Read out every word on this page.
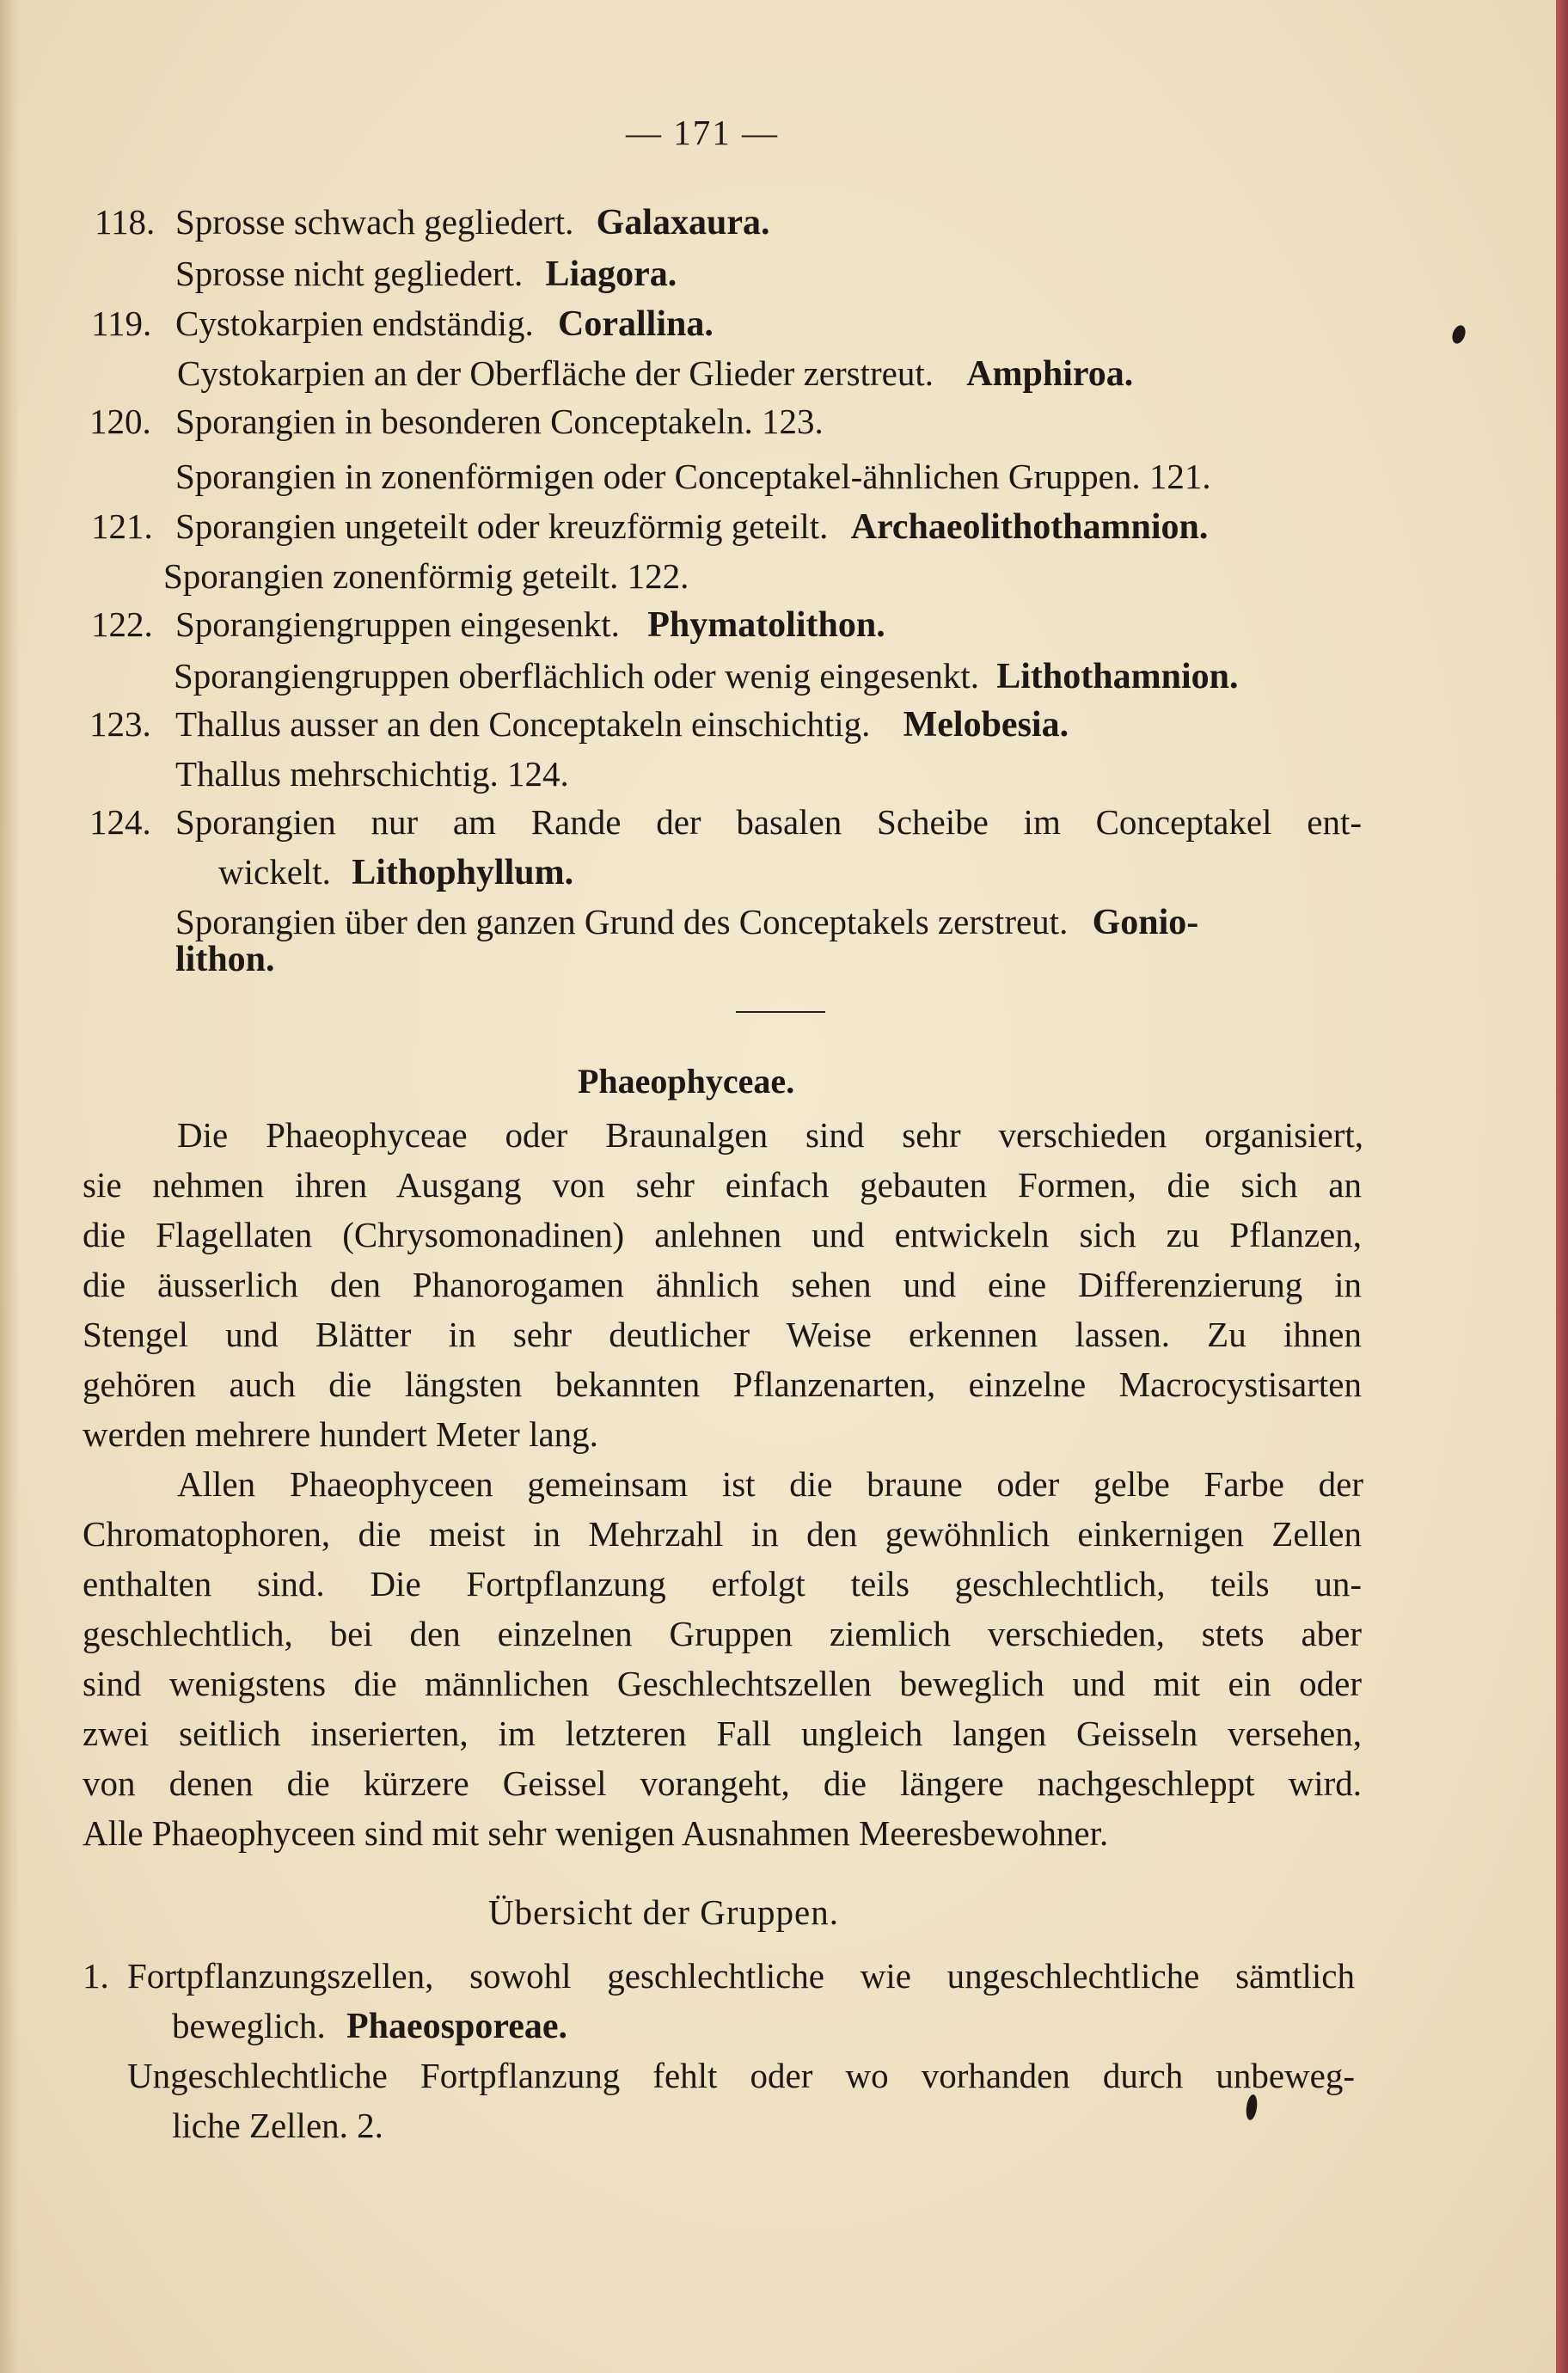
— 171 —
118. Sprosse schwach gegliedert. Galaxaura.
Sprosse nicht gegliedert. Liagora.
119. Cystokarpien endständig. Corallina.
Cystokarpien an der Oberfläche der Glieder zerstreut. Amphiroa.
120. Sporangien in besonderen Conceptakeln. 123.
Sporangien in zonenförmigen oder Conceptakel-ähnlichen Gruppen. 121.
121. Sporangien ungeteilt oder kreuzförmig geteilt. Archaeolithothamnion.
Sporangien zonenförmig geteilt. 122.
122. Sporangiengruppen eingesenkt. Phymatolithon.
Sporangiengruppen oberflächlich oder wenig eingesenkt. Lithothamnion.
123. Thallus ausser an den Conceptakeln einschichtig. Melobesia.
Thallus mehrschichtig. 124.
124. Sporangien nur am Rande der basalen Scheibe im Conceptakel ent-
wickelt. Lithophyllum.
Sporangien über den ganzen Grund des Conceptakels zerstreut. Gonio-
lithon.
Phaeophyceae.
Die Phaeophyceae oder Braunalgen sind sehr verschieden organisiert,
sie nehmen ihren Ausgang von sehr einfach gebauten Formen, die sich an
die Flagellaten (Chrysomonadinen) anlehnen und entwickeln sich zu Pflanzen,
die äusserlich den Phanorogamen ähnlich sehen und eine Differenzierung in
Stengel und Blätter in sehr deutlicher Weise erkennen lassen. Zu ihnen
gehören auch die längsten bekannten Pflanzenarten, einzelne Macrocystisarten
werden mehrere hundert Meter lang.
Allen Phaeophyceen gemeinsam ist die braune oder gelbe Farbe der
Chromatophoren, die meist in Mehrzahl in den gewöhnlich einkernigen Zellen
enthalten sind. Die Fortpflanzung erfolgt teils geschlechtlich, teils un-
geschlechtlich, bei den einzelnen Gruppen ziemlich verschieden, stets aber
sind wenigstens die männlichen Geschlechtszellen beweglich und mit ein oder
zwei seitlich inserierten, im letzteren Fall ungleich langen Geisseln versehen,
von denen die kürzere Geissel vorangeht, die längere nachgeschleppt wird.
Alle Phaeophyceen sind mit sehr wenigen Ausnahmen Meeresbewohner.
Übersicht der Gruppen.
1. Fortpflanzungszellen, sowohl geschlechtliche wie ungeschlechtliche sämtlich
beweglich. Phaeosporeae.
Ungeschlechtliche Fortpflanzung fehlt oder wo vorhanden durch unbeweg-
liche Zellen. 2.
